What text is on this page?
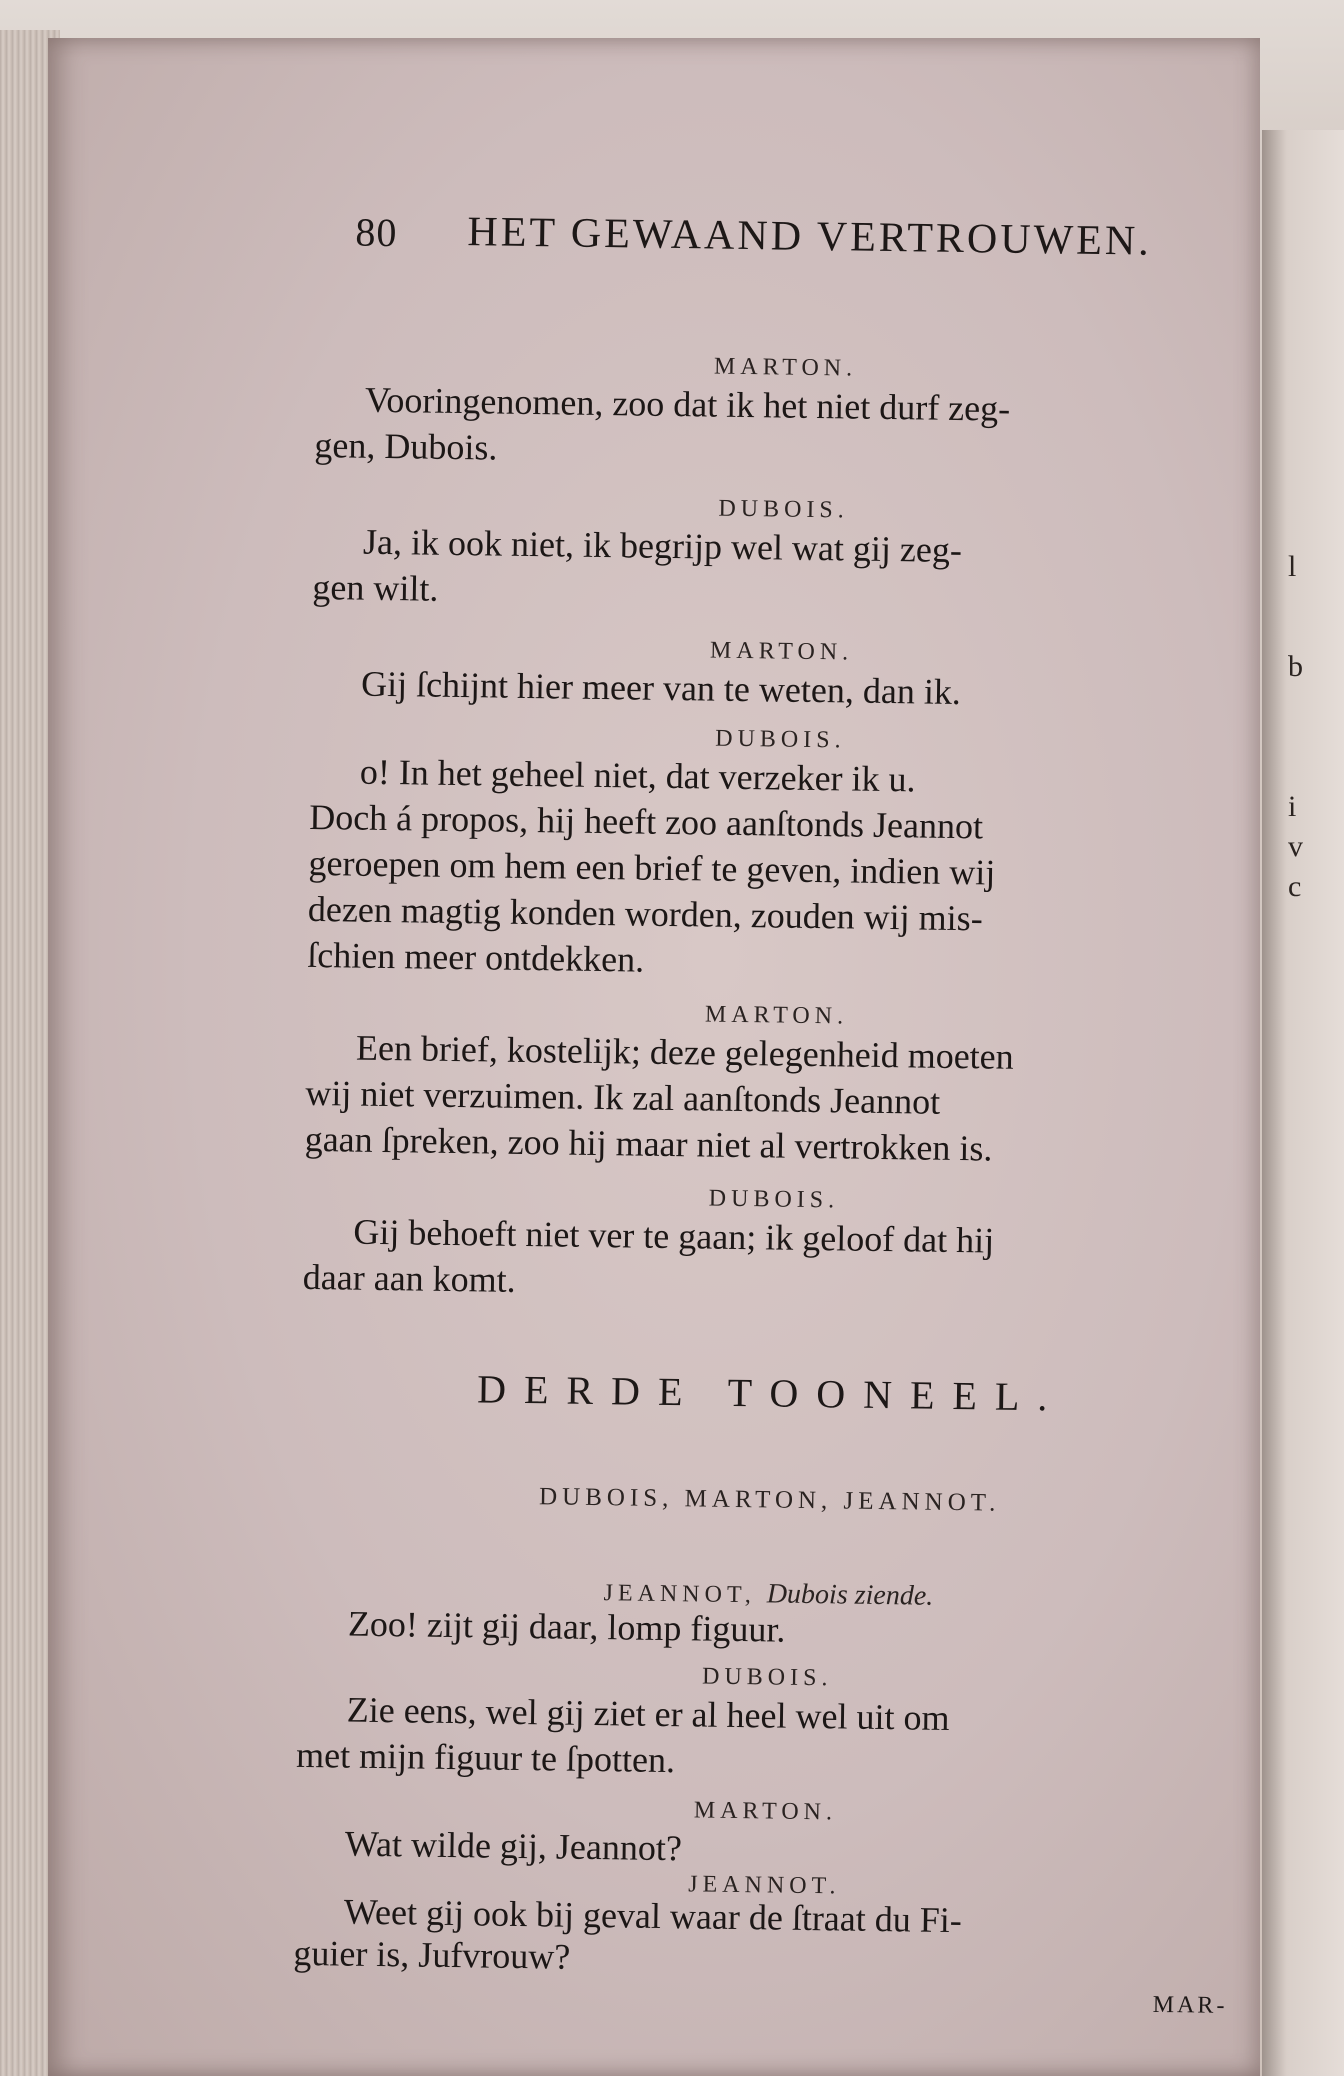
l
b
i
v
c
80 HET GEWAAND VERTROUWEN.
MARTON.
Vooringenomen, zoo dat ik het niet durf zeg-
gen, Dubois.
DUBOIS.
Ja, ik ook niet, ik begrijp wel wat gij zeg-
gen wilt.
MARTON.
Gij ſchijnt hier meer van te weten, dan ik.
DUBOIS.
o! In het geheel niet, dat verzeker ik u.
Doch á propos, hij heeft zoo aanſtonds Jeannot
geroepen om hem een brief te geven, indien wij
dezen magtig konden worden, zouden wij mis-
ſchien meer ontdekken.
MARTON.
Een brief, kostelijk; deze gelegenheid moeten
wij niet verzuimen. Ik zal aanſtonds Jeannot
gaan ſpreken, zoo hij maar niet al vertrokken is.
DUBOIS.
Gij behoeft niet ver te gaan; ik geloof dat hij
daar aan komt.
DERDE TOONEEL.
DUBOIS, MARTON, JEANNOT.
JEANNOT, Dubois ziende.
Zoo! zijt gij daar, lomp figuur.
DUBOIS.
Zie eens, wel gij ziet er al heel wel uit om
met mijn figuur te ſpotten.
MARTON.
Wat wilde gij, Jeannot?
JEANNOT.
Weet gij ook bij geval waar de ſtraat du Fi-
guier is, Jufvrouw?
MAR-
